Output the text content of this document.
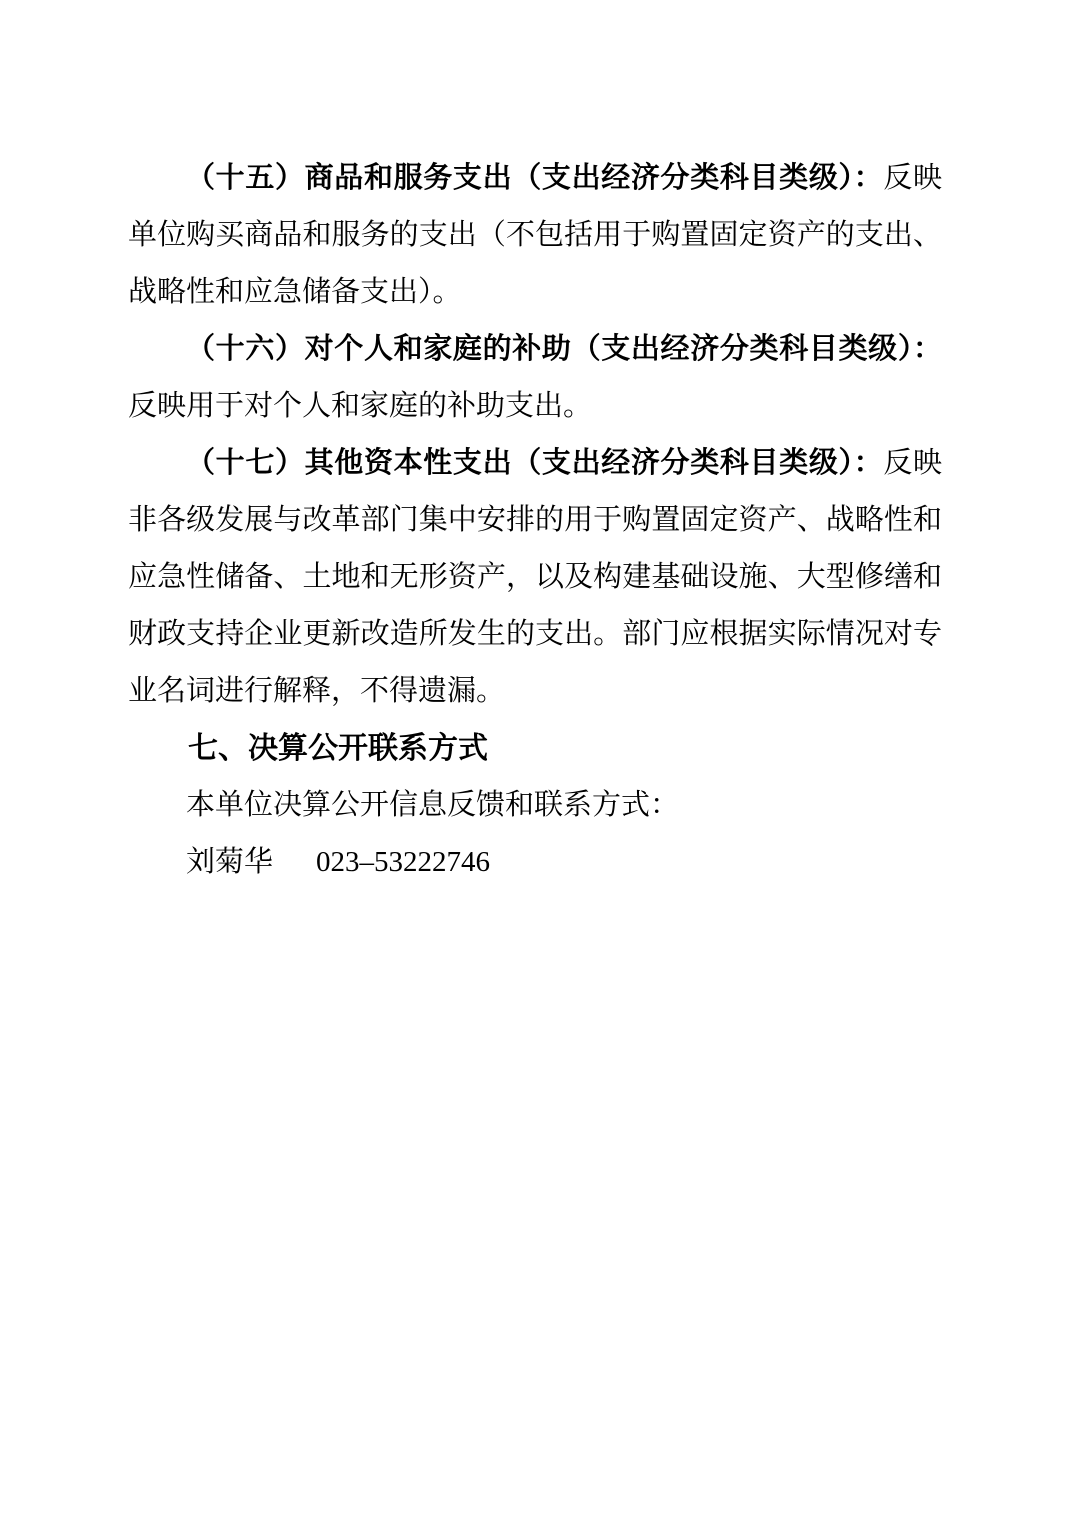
（十五）商品和服务支出（支出经济分类科目类级）：反映单位购买商品和服务的支出（不包括用于购置固定资产的支出、战略性和应急储备支出）。

（十六）对个人和家庭的补助（支出经济分类科目类级）：反映用于对个人和家庭的补助支出。

（十七）其他资本性支出（支出经济分类科目类级）：反映非各级发展与改革部门集中安排的用于购置固定资产、战略性和应急性储备、土地和无形资产，以及构建基础设施、大型修缮和财政支持企业更新改造所发生的支出。部门应根据实际情况对专业名词进行解释，不得遗漏。

七、决算公开联系方式

本单位决算公开信息反馈和联系方式：

刘菊华 023–53222746
